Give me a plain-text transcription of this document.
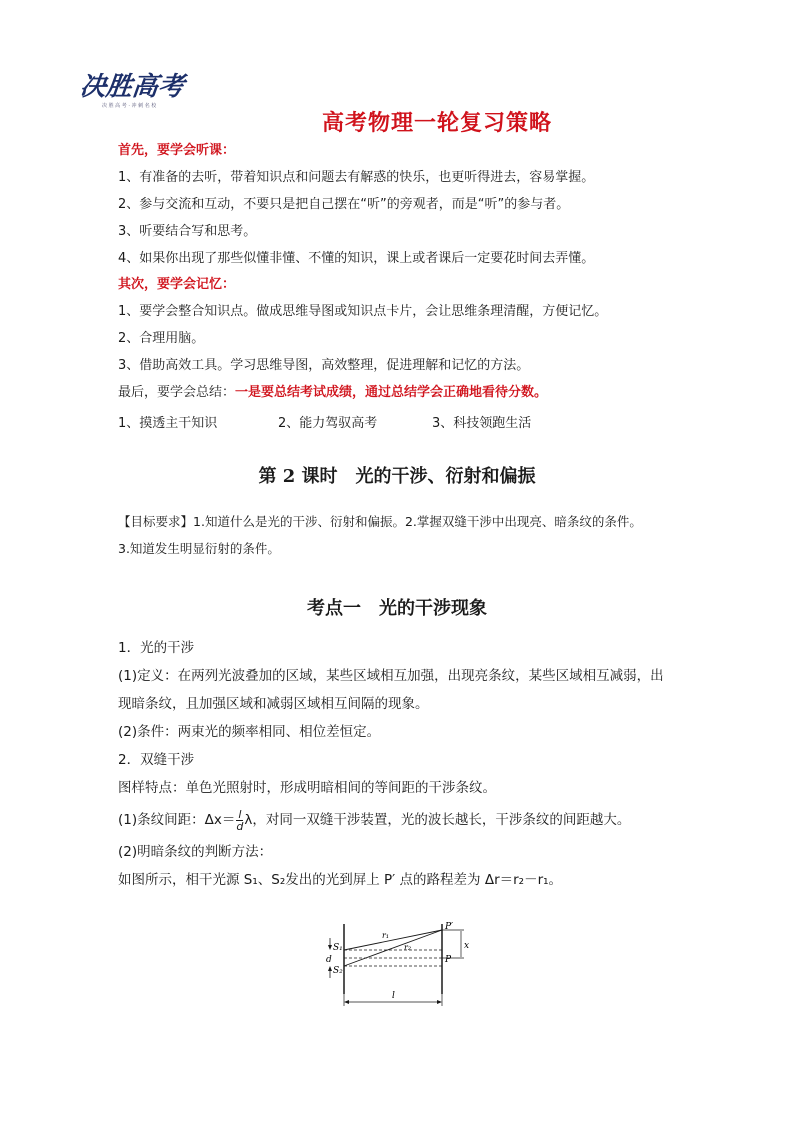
决胜高考
决 胜 高 考 · 冲 刺 名 校
高考物理一轮复习策略
首先，要学会听课：
1、有准备的去听，带着知识点和问题去有解惑的快乐，也更听得进去，容易掌握。
2、参与交流和互动，不要只是把自己摆在“听”的旁观者，而是“听”的参与者。
3、听要结合写和思考。
4、如果你出现了那些似懂非懂、不懂的知识，课上或者课后一定要花时间去弄懂。
其次，要学会记忆：
1、要学会整合知识点。做成思维导图或知识点卡片，会让思维条理清醒，方便记忆。
2、合理用脑。
3、借助高效工具。学习思维导图，高效整理，促进理解和记忆的方法。
最后，要学会总结：一是要总结考试成绩，通过总结学会正确地看待分数。
1、摸透主干知识	2、能力驾驭高考	3、科技领跑生活
第 2 课时　光的干涉、衍射和偏振
【目标要求】1.知道什么是光的干涉、衍射和偏振。2.掌握双缝干涉中出现亮、暗条纹的条件。
3.知道发生明显衍射的条件。
考点一　光的干涉现象
1．光的干涉
(1)定义：在两列光波叠加的区域，某些区域相互加强，出现亮条纹，某些区域相互减弱，出
现暗条纹，且加强区域和减弱区域相互间隔的现象。
(2)条件：两束光的频率相同、相位差恒定。
2．双缝干涉
图样特点：单色光照射时，形成明暗相间的等间距的干涉条纹。
(1)条纹间距：$\Delta x= \frac{l}{d}$ λ，对同一双缝干涉装置，光的波长越长，干涉条纹的间距越大。
(2)明暗条纹的判断方法：
如图所示，相干光源 S₁、S₂发出的光到屏上 P′ 点的路程差为 Δr＝r₂－r₁。
S₁
S₂
d
r₁
r₂
P′
P
x
l
